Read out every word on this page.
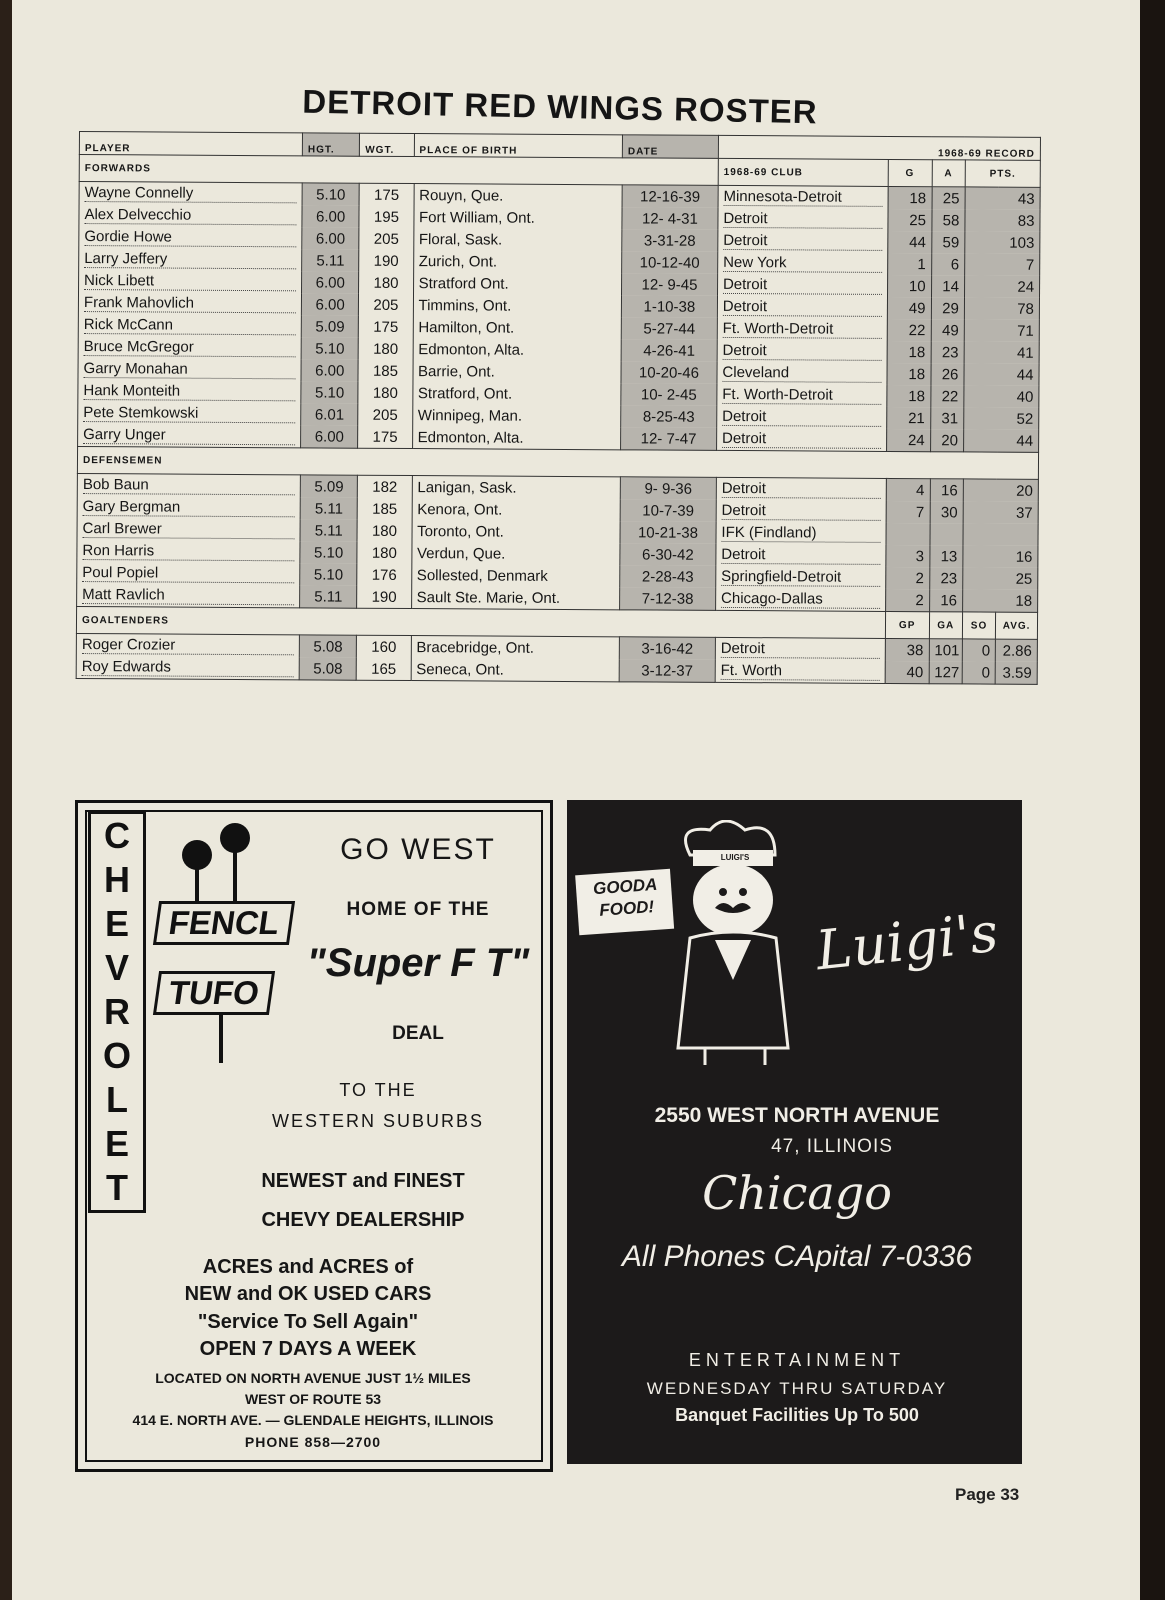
DETROIT RED WINGS ROSTER
PLAYER	HGT.	WGT.	PLACE OF BIRTH	DATE	1968-69 RECORD				
FORWARDS					1968-69 CLUB	G	A	PTS.	
Wayne Connelly	5.10	175	Rouyn, Que.	12-16-39	Minnesota-Detroit	18	25	43	
Alex Delvecchio	6.00	195	Fort William, Ont.	12- 4-31	Detroit	25	58	83	
Gordie Howe	6.00	205	Floral, Sask.	3-31-28	Detroit	44	59	103	
Larry Jeffery	5.11	190	Zurich, Ont.	10-12-40	New York	1	6	7	
Nick Libett	6.00	180	Stratford Ont.	12- 9-45	Detroit	10	14	24	
Frank Mahovlich	6.00	205	Timmins, Ont.	1-10-38	Detroit	49	29	78	
Rick McCann	5.09	175	Hamilton, Ont.	5-27-44	Ft. Worth-Detroit	22	49	71	
Bruce McGregor	5.10	180	Edmonton, Alta.	4-26-41	Detroit	18	23	41	
Garry Monahan	6.00	185	Barrie, Ont.	10-20-46	Cleveland	18	26	44	
Hank Monteith	5.10	180	Stratford, Ont.	10- 2-45	Ft. Worth-Detroit	18	22	40	
Pete Stemkowski	6.01	205	Winnipeg, Man.	8-25-43	Detroit	21	31	52	
Garry Unger	6.00	175	Edmonton, Alta.	12- 7-47	Detroit	24	20	44	
DEFENSEMEN									
Bob Baun	5.09	182	Lanigan, Sask.	9- 9-36	Detroit	4	16	20	
Gary Bergman	5.11	185	Kenora, Ont.	10-7-39	Detroit	7	30	37	
Carl Brewer	5.11	180	Toronto, Ont.	10-21-38	IFK (Findland)				
Ron Harris	5.10	180	Verdun, Que.	6-30-42	Detroit	3	13	16	
Poul Popiel	5.10	176	Sollested, Denmark	2-28-43	Springfield-Detroit	2	23	25	
Matt Ravlich	5.11	190	Sault Ste. Marie, Ont.	7-12-38	Chicago-Dallas	2	16	18	
GOALTENDERS						GP	GA	SO	AVG.
Roger Crozier	5.08	160	Bracebridge, Ont.	3-16-42	Detroit	38	101	0	2.86
Roy Edwards	5.08	165	Seneca, Ont.	3-12-37	Ft. Worth	40	127	0	3.59
C
H
E
V
R
O
L
E
T
FENCL
TUFO
GO WEST
HOME OF THE
"Super F T"
DEAL
TO THE
WESTERN SUBURBS
NEWEST and FINEST
CHEVY DEALERSHIP
ACRES and ACRES of
NEW and OK USED CARS
"Service To Sell Again"
OPEN 7 DAYS A WEEK
LOCATED ON NORTH AVENUE JUST 1½ MILES
WEST OF ROUTE 53
414 E. NORTH AVE. — GLENDALE HEIGHTS, ILLINOIS
PHONE 858—2700
GOODA FOOD!
LUIGI'S
Luigi's
2550 WEST NORTH AVENUE
47, ILLINOIS
Chicago
All Phones CApital 7-0336
ENTERTAINMENT
WEDNESDAY THRU SATURDAY
Banquet Facilities Up To 500
Page 33
